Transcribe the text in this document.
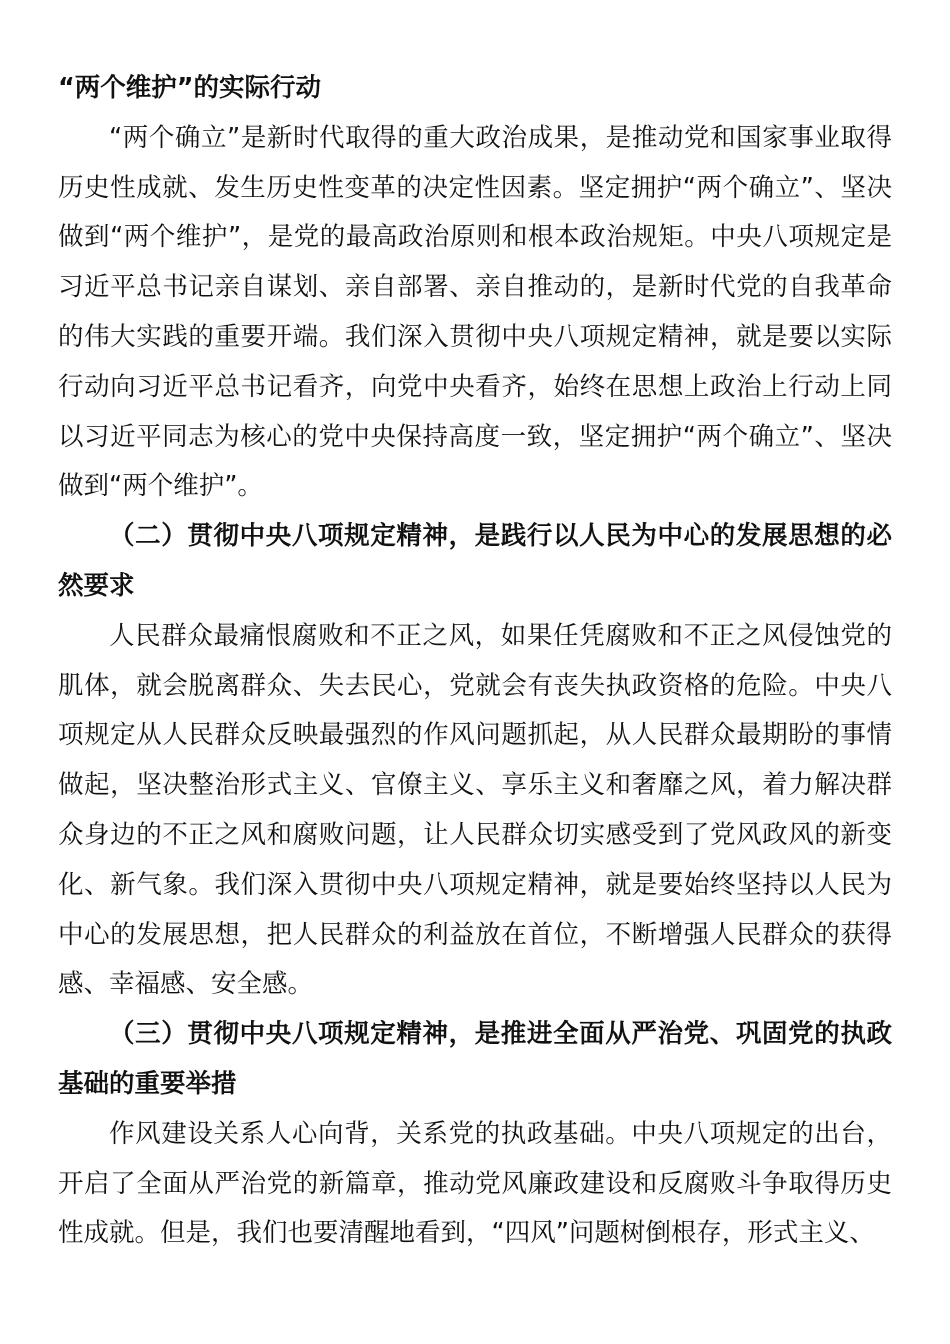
“两个维护”的实际行动

“两个确立”是新时代取得的重大政治成果，是推动党和国家事业取得历史性成就、发生历史性变革的决定性因素。坚定拥护“两个确立”、坚决做到“两个维护”，是党的最高政治原则和根本政治规矩。中央八项规定是习近平总书记亲自谋划、亲自部署、亲自推动的，是新时代党的自我革命的伟大实践的重要开端。我们深入贯彻中央八项规定精神，就是要以实际行动向习近平总书记看齐，向党中央看齐，始终在思想上政治上行动上同以习近平同志为核心的党中央保持高度一致，坚定拥护“两个确立”、坚决做到“两个维护”。

（二）贯彻中央八项规定精神，是践行以人民为中心的发展思想的必然要求

人民群众最痛恨腐败和不正之风，如果任凭腐败和不正之风侵蚀党的肌体，就会脱离群众、失去民心，党就会有丧失执政资格的危险。中央八项规定从人民群众反映最强烈的作风问题抓起，从人民群众最期盼的事情做起，坚决整治形式主义、官僚主义、享乐主义和奢靡之风，着力解决群众身边的不正之风和腐败问题，让人民群众切实感受到了党风政风的新变化、新气象。我们深入贯彻中央八项规定精神，就是要始终坚持以人民为中心的发展思想，把人民群众的利益放在首位，不断增强人民群众的获得感、幸福感、安全感。

（三）贯彻中央八项规定精神，是推进全面从严治党、巩固党的执政基础的重要举措

作风建设关系人心向背，关系党的执政基础。中央八项规定的出台，开启了全面从严治党的新篇章，推动党风廉政建设和反腐败斗争取得历史性成就。但是，我们也要清醒地看到，“四风”问题树倒根存，形式主义、
